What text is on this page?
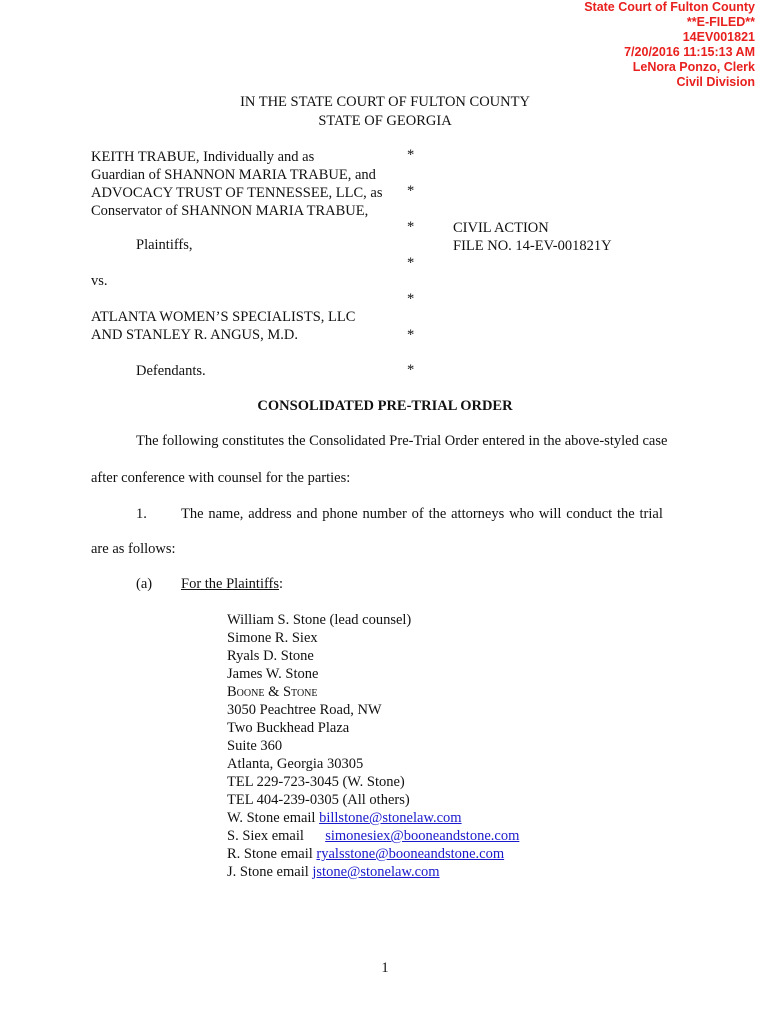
State Court of Fulton County
**E-FILED**
14EV001821
7/20/2016 11:15:13 AM
LeNora Ponzo, Clerk
Civil Division
IN THE STATE COURT OF FULTON COUNTY
STATE OF GEORGIA
KEITH TRABUE, Individually and as
Guardian of SHANNON MARIA TRABUE, and
ADVOCACY TRUST OF TENNESSEE, LLC, as
Conservator of SHANNON MARIA TRABUE,
Plaintiffs,
vs.
ATLANTA WOMEN’S SPECIALISTS, LLC
AND STANLEY R. ANGUS, M.D.
Defendants.
*
*
*
*
*
*
*
CIVIL ACTION
FILE NO. 14-EV-001821Y
CONSOLIDATED PRE-TRIAL ORDER
The following constitutes the Consolidated Pre-Trial Order entered in the above-styled case
after conference with counsel for the parties:
1. The name, address and phone number of the attorneys who will conduct the trial
are as follows:
(a) For the Plaintiffs:
William S. Stone (lead counsel)
Simone R. Siex
Ryals D. Stone
James W. Stone
Boone & Stone
3050 Peachtree Road, NW
Two Buckhead Plaza
Suite 360
Atlanta, Georgia 30305
TEL 229-723-3045 (W. Stone)
TEL 404-239-0305 (All others)
W. Stone email billstone@stonelaw.com
S. Siex email simonesiex@booneandstone.com
R. Stone email ryalsstone@booneandstone.com
J. Stone email jstone@stonelaw.com
1
